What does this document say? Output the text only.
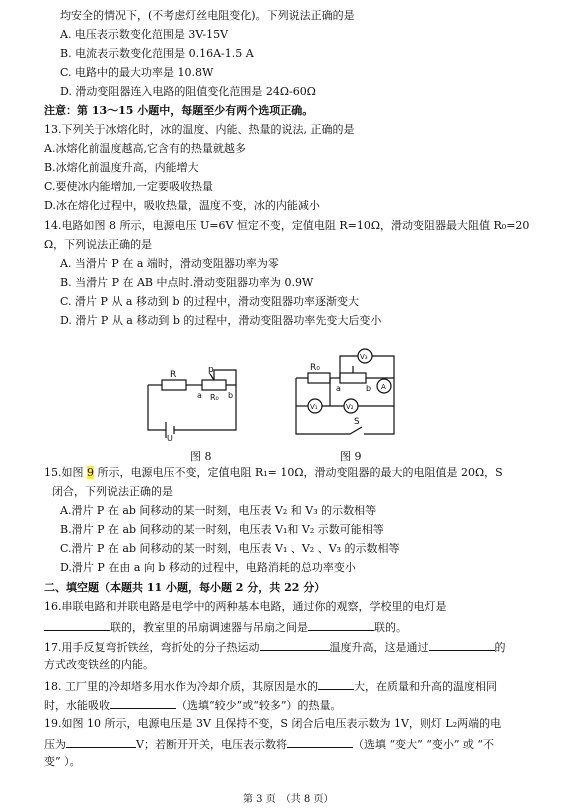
均安全的情况下，(不考虑灯丝电阻变化)。下列说法正确的是
A. 电压表示数变化范围是 3V-15V
B. 电流表示数变化范围是 0.16A-1.5 A
C. 电路中的最大功率是 10.8W
D. 滑动变阻器连入电路的阻值变化范围是 24Ω-60Ω
注意：第 13～15 小题中，每题至少有两个选项正确。
13.下列关于冰熔化时，冰的温度、内能、热量的说法, 正确的是
A.冰熔化前温度越高,它含有的热量就越多
B.冰熔化前温度升高，内能增大
C.要使冰内能增加,一定要吸收热量
D.冰在熔化过程中，吸收热量，温度不变，冰的内能减小
14.电路如图 8 所示，电源电压 U=6V 恒定不变，定值电阻 R=10Ω，滑动变阻器最大阻值 R₀=20
Ω，下列说法正确的是
A. 当滑片 P 在 a 端时，滑动变阻器功率为零
B. 当滑片 P 在 AB 中点时.滑动变阻器功率为 0.9W
C. 滑片 P 从 a 移动到 b 的过程中，滑动变阻器功率逐渐变大
D. 滑片 P 从 a 移动到 b 的过程中，滑动变阻器功率先变大后变小
R	p
a	b
R₀
U
图 8
R₀
a	b
V₃
A
V₁	V₂
S
图 9
15.如图 9 所示，电源电压不变，定值电阻 R₁= 10Ω，滑动变阻器的最大的电阻值是 20Ω，S
闭合，下列说法正确的是
A.滑片 P 在 ab 间移动的某一时刻，电压表 V₂ 和 V₃ 的示数相等
B.滑片 P 在 ab 间移动的某一时刻，电压表 V₁和 V₂ 示数可能相等
C.滑片 P 在 ab 间移动的某一时刻，电压表 V₁ 、V₂ 、V₃ 的示数相等
D.滑片 P 在由 a 向 b 移动的过程中，电路消耗的总功率变小
二、填空题（本题共 11 小题，每小题 2 分，共 22 分）
16.串联电路和并联电路是电学中的两种基本电路，通过你的观察，学校里的电灯是
联的，教室里的吊扇调速器与吊扇之间是	联的。
17.用手反复弯折铁丝，弯折处的分子热运动	温度升高，这是通过	的
方式改变铁丝的内能。
18. 工厂里的冷却塔多用水作为冷却介质，其原因是水的	大，在质量和升高的温度相同
时，水能吸收	（选填“较少”或“较多”）的热量。
19.如图 10 所示，电源电压是 3V 且保持不变，S 闭合后电压表示数为 1V，则灯 L₂两端的电
压为	V；若断开开关，电压表示数将	（选填 “变大” “变小” 或 “不
变” ）。
第 3 页　（共 8 页）
